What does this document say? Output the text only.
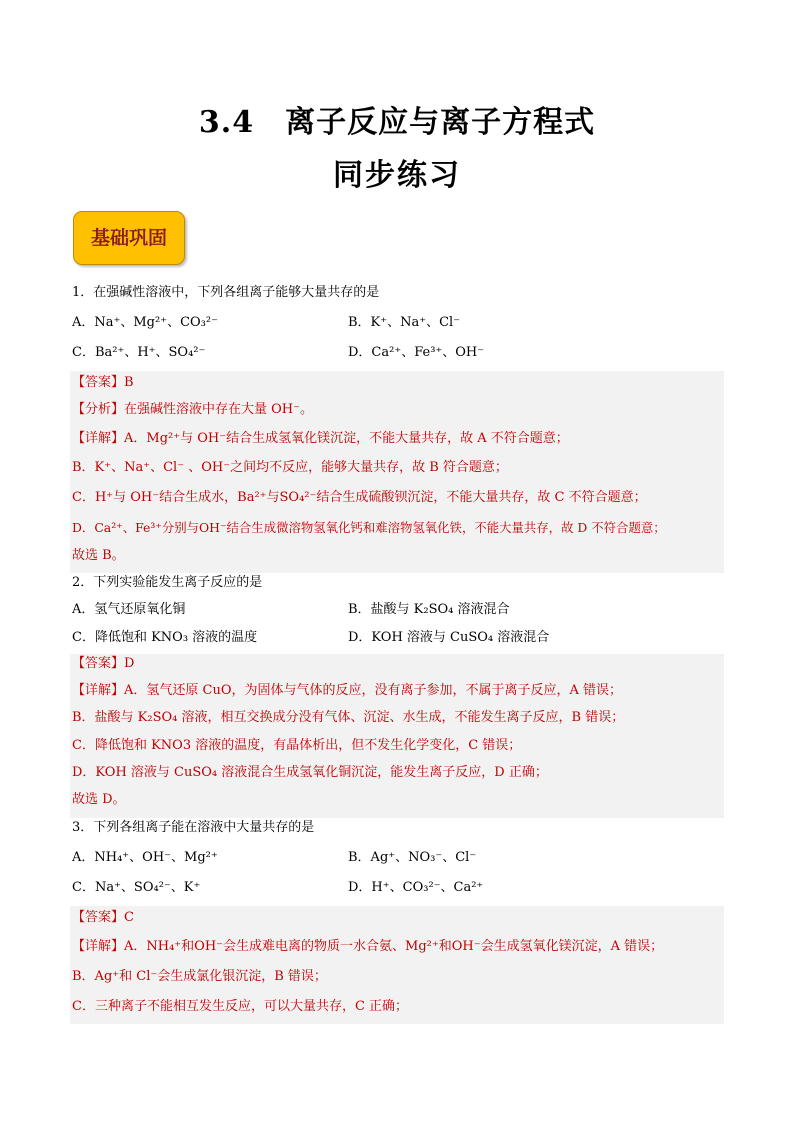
3.4　离子反应与离子方程式
同步练习
基础巩固
1．在强碱性溶液中，下列各组离子能够大量共存的是
A．Na⁺、Mg²⁺、CO₃²⁻	B．K⁺、Na⁺、Cl⁻
C．Ba²⁺、H⁺、SO₄²⁻	D．Ca²⁺、Fe³⁺、OH⁻
【答案】B
【分析】在强碱性溶液中存在大量 OH⁻。
【详解】A．Mg²⁺与 OH⁻结合生成氢氧化镁沉淀，不能大量共存，故 A 不符合题意；
B．K⁺、Na⁺、Cl⁻ 、OH⁻之间均不反应，能够大量共存，故 B 符合题意；
C．H⁺与 OH⁻结合生成水，Ba²⁺与SO₄²⁻结合生成硫酸钡沉淀，不能大量共存，故 C 不符合题意；
D．Ca²⁺、Fe³⁺分别与OH⁻结合生成微溶物氢氧化钙和难溶物氢氧化铁，不能大量共存，故 D 不符合题意；
故选 B。
2．下列实验能发生离子反应的是
A．氢气还原氧化铜	B．盐酸与 K₂SO₄ 溶液混合
C．降低饱和 KNO₃ 溶液的温度	D．KOH 溶液与 CuSO₄ 溶液混合
【答案】D
【详解】A．氢气还原 CuO，为固体与气体的反应，没有离子参加，不属于离子反应，A 错误；
B．盐酸与 K₂SO₄ 溶液，相互交换成分没有气体、沉淀、水生成，不能发生离子反应，B 错误；
C．降低饱和 KNO3 溶液的温度，有晶体析出，但不发生化学变化，C 错误；
D．KOH 溶液与 CuSO₄ 溶液混合生成氢氧化铜沉淀，能发生离子反应，D 正确；
故选 D。
3．下列各组离子能在溶液中大量共存的是
A．NH₄⁺、OH⁻、Mg²⁺	B．Ag⁺、NO₃⁻、Cl⁻
C．Na⁺、SO₄²⁻、K⁺	D．H⁺、CO₃²⁻、Ca²⁺
【答案】C
【详解】A．NH₄⁺和OH⁻会生成难电离的物质一水合氨、Mg²⁺和OH⁻会生成氢氧化镁沉淀，A 错误；
B．Ag⁺和 Cl⁻会生成氯化银沉淀，B 错误；
C．三种离子不能相互发生反应，可以大量共存，C 正确；
